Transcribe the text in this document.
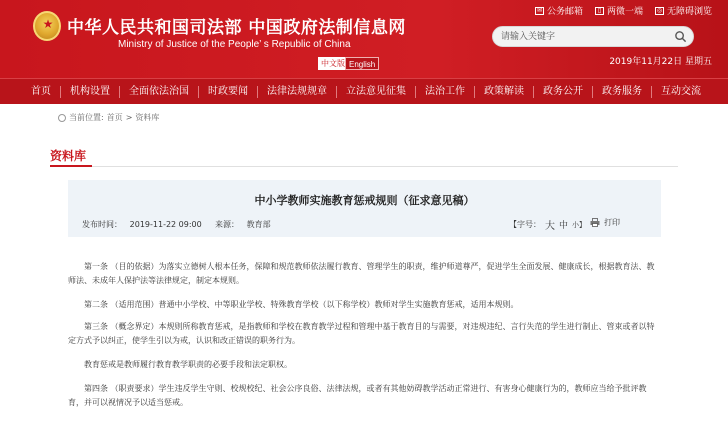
★ 中华人民共和国司法部 中国政府法制信息网
Ministry of Justice of the People’ s Republic of China
中文版 English
✉ 公务邮箱	▯ 两微一端	◎ 无障碍浏览
请输入关键字
2019年11月22日 星期五
首页	机构设置	全面依法治国	时政要闻	法律法规规章	立法意见征集	法治工作	政策解读	政务公开	政务服务	互动交流
当前位置: 首页 > 资料库
资料库
中小学教师实施教育惩戒规则（征求意见稿）
发布时间： 2019-11-22 09:00 来源： 教育部	【字号： 大 中 小】 打印

第一条 （目的依据）为落实立德树人根本任务，保障和规范教师依法履行教育、管理学生的职责，维护师道尊严，促进学生全面发展、健康成长，根据教育法、教师法、未成年人保护法等法律规定，制定本规则。

第二条 （适用范围）普通中小学校、中等职业学校、特殊教育学校（以下称学校）教师对学生实施教育惩戒，适用本规则。

第三条 （概念界定）本规则所称教育惩戒，是指教师和学校在教育教学过程和管理中基于教育目的与需要，对违规违纪、言行失范的学生进行制止、管束或者以特定方式予以纠正，使学生引以为戒，认识和改正错误的职务行为。

教育惩戒是教师履行教育教学职责的必要手段和法定职权。

第四条 （职责要求）学生违反学生守则、校规校纪、社会公序良俗、法律法规，或者有其他妨碍教学活动正常进行、有害身心健康行为的，教师应当给予批评教育，并可以视情况予以适当惩戒。
